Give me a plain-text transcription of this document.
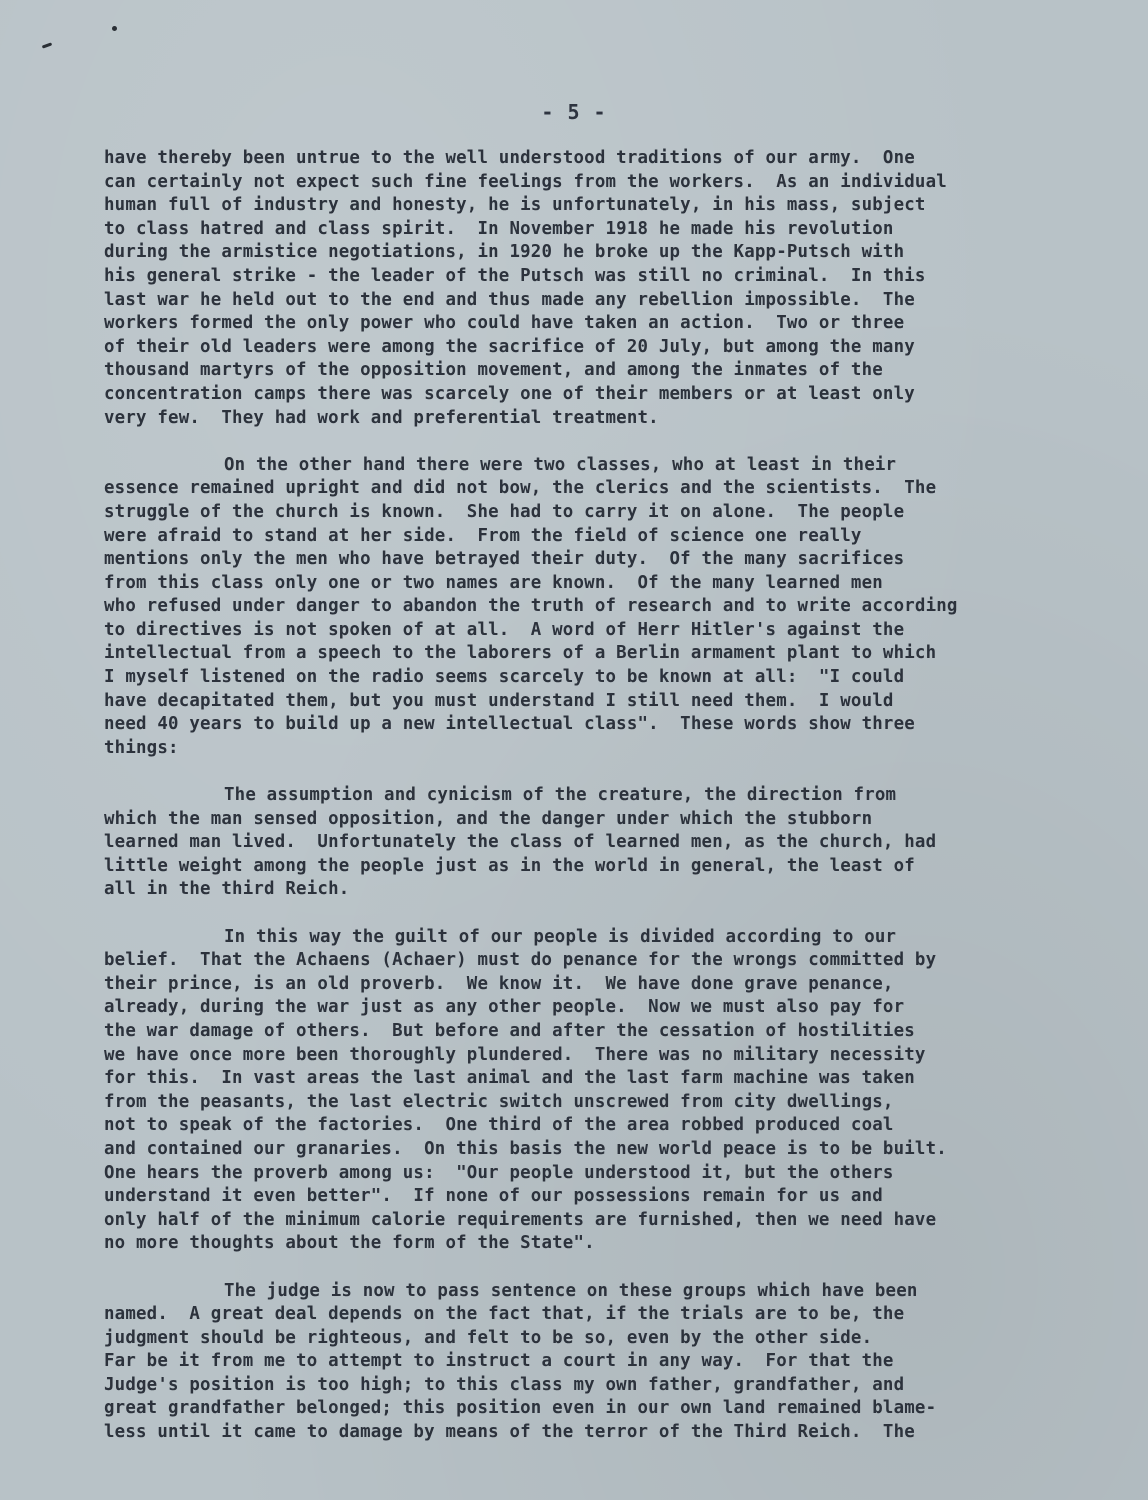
- 5 -
have thereby been untrue to the well understood traditions of our army.  One
can certainly not expect such fine feelings from the workers.  As an individual
human full of industry and honesty, he is unfortunately, in his mass, subject
to class hatred and class spirit.  In November 1918 he made his revolution
during the armistice negotiations, in 1920 he broke up the Kapp-Putsch with
his general strike - the leader of the Putsch was still no criminal.  In this
last war he held out to the end and thus made any rebellion impossible.  The
workers formed the only power who could have taken an action.  Two or three
of their old leaders were among the sacrifice of 20 July, but among the many
thousand martyrs of the opposition movement, and among the inmates of the
concentration camps there was scarcely one of their members or at least only
very few.  They had work and preferential treatment.
On the other hand there were two classes, who at least in their
essence remained upright and did not bow, the clerics and the scientists.  The
struggle of the church is known.  She had to carry it on alone.  The people
were afraid to stand at her side.  From the field of science one really
mentions only the men who have betrayed their duty.  Of the many sacrifices
from this class only one or two names are known.  Of the many learned men
who refused under danger to abandon the truth of research and to write according
to directives is not spoken of at all.  A word of Herr Hitler's against the
intellectual from a speech to the laborers of a Berlin armament plant to which
I myself listened on the radio seems scarcely to be known at all:  "I could
have decapitated them, but you must understand I still need them.  I would
need 40 years to build up a new intellectual class".  These words show three
things:
The assumption and cynicism of the creature, the direction from
which the man sensed opposition, and the danger under which the stubborn
learned man lived.  Unfortunately the class of learned men, as the church, had
little weight among the people just as in the world in general, the least of
all in the third Reich.
In this way the guilt of our people is divided according to our
belief.  That the Achaens (Achaer) must do penance for the wrongs committed by
their prince, is an old proverb.  We know it.  We have done grave penance,
already, during the war just as any other people.  Now we must also pay for
the war damage of others.  But before and after the cessation of hostilities
we have once more been thoroughly plundered.  There was no military necessity
for this.  In vast areas the last animal and the last farm machine was taken
from the peasants, the last electric switch unscrewed from city dwellings,
not to speak of the factories.  One third of the area robbed produced coal
and contained our granaries.  On this basis the new world peace is to be built.
One hears the proverb among us:  "Our people understood it, but the others
understand it even better".  If none of our possessions remain for us and
only half of the minimum calorie requirements are furnished, then we need have
no more thoughts about the form of the State".
The judge is now to pass sentence on these groups which have been
named.  A great deal depends on the fact that, if the trials are to be, the
judgment should be righteous, and felt to be so, even by the other side.
Far be it from me to attempt to instruct a court in any way.  For that the
Judge's position is too high; to this class my own father, grandfather, and
great grandfather belonged; this position even in our own land remained blame-
less until it came to damage by means of the terror of the Third Reich.  The
